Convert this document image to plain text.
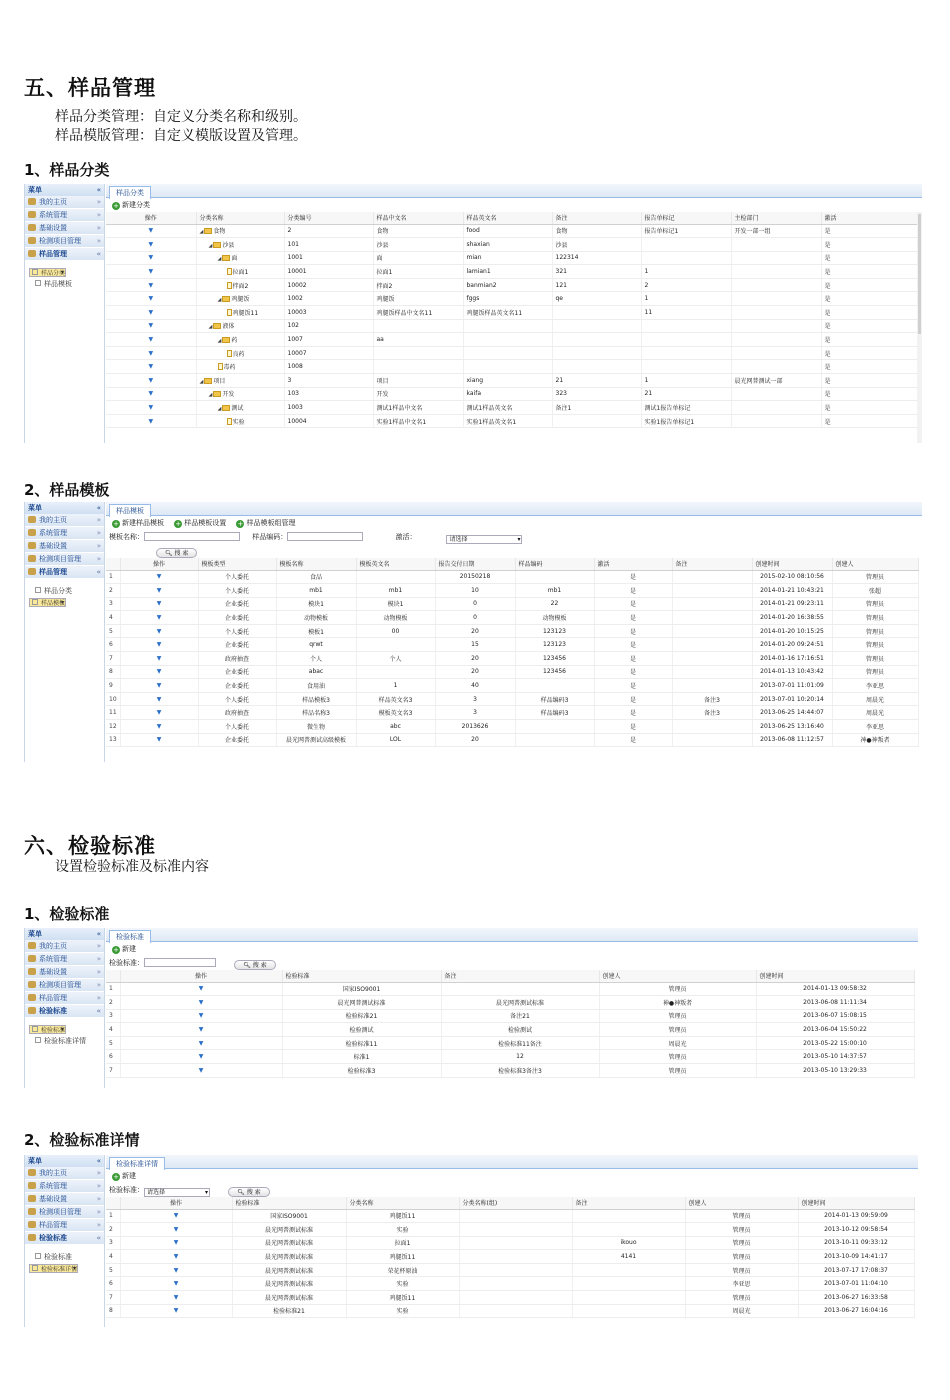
五、样品管理
样品分类管理：自定义分类名称和级别。
样品模版管理：自定义模版设置及管理。
1、样品分类
菜单	«
我的主页	»
系统管理	»
基础设置	»
检测项目管理 »
样品管理	«
样品分类 ▾
样品模板
样品分类
+ 新建分类
操作	分类名称	分类编号	样品中文名	样品英文名	备注	报告单标记	主检部门	激活
▼	◢ 食物	2	食物	food	食物	报告单标记1	开发一部一组	是
▼	◢ 沙县	101	沙县	shaxian	沙县			是
▼	◢ 面	1001	面	mian	122314			是
▼	拉面1	10001	拉面1	lamian1	321	1		是
▼	拌面2	10002	拌面2	banmian2	121	2		是
▼	◢ 鸡腿饭	1002	鸡腿饭	fggs	qe	1		是
▼	鸡腿饭11	10003	鸡腿饭样品中文名11	鸡腿饭样品英文名11		11		是
▼	◢ 液体	102						是
▼	◢ 药	1007	aa					是
▼	良药	10007						是
▼	毒药	1008						是
▼	◢ 项目	3	项目	xiang	21	1	晨光网普测试一部	是
▼	◢ 开发	103	开发	kaifa	323	21		是
▼	◢ 测试	1003	测试1样品中文名	测试1样品英文名	备注1	测试1报告单标记		是
▼	实验	10004	实验1样品中文名1	实验1样品英文名1		实验1报告单标记1		是
2、样品模板
菜单	«
我的主页	»
系统管理	»
基础设置	»
检测项目管理 »
样品管理	«
样品分类
样品模板 ▾
样品模板
+ 新建样品模板 + 样品模板设置 + 样品模板组管理
模板名称：	样品编码：	激活：	请选择 ▾
🔍︎ 搜 索
	操作	模板类型	模板名称	模板英文名	报告交付日期	样品编码	激活	备注	创建时间	创建人
1	▼	个人委托	食品		20150218		是		2015-02-10 08:10:56	管理员
2	▼	个人委托	mb1	mb1	10	mb1	是		2014-01-21 10:43:21	张超
3	▼	企业委托	模块1	模块1	0	22	是		2014-01-21 09:23:11	管理员
4	▼	企业委托	动物模板	动物模板	0	动物模板	是		2014-01-20 16:38:55	管理员
5	▼	个人委托	模板1	00	20	123123	是		2014-01-20 10:15:25	管理员
6	▼	企业委托	qrwt		15	123123	是		2014-01-20 09:24:51	管理员
7	▼	政府抽查	个人	个人	20	123456	是		2014-01-16 17:16:51	管理员
8	▼	企业委托	abac		20	123456	是		2014-01-13 10:43:42	管理员
9	▼	企业委托	食用油	1	40		是		2013-07-01 11:01:09	李亚思
10	▼	个人委托	样品模板3	样品英文名3	3	样品编码3	是	备注3	2013-07-01 10:20:14	周晨光
11	▼	政府抽查	样品名称3	模板英文名3	3	样品编码3	是	备注3	2013-06-25 14:44:07	周晨光
12	▼	个人委托	微生物	abc	2013626		是		2013-06-25 13:16:40	李亚思
13	▼	企业委托	晨光网普测试高级模板	LOL	20		是		2013-06-08 11:12:57	神●神叛者
六、检验标准
设置检验标准及标准内容
1、检验标准
菜单	«
我的主页	»
系统管理	»
基础设置	»
检测项目管理 »
样品管理	»
检验标准	«
检验标准 ▾
检验标准详情
检验标准
+ 新建
检验标准：	🔍︎ 搜 索
	操作	检验标准	备注	创建人	创建时间
1	▼	国家ISO9001		管理员	2014-01-13 09:58:32
2	▼	晨光网普测试标准	晨光网普测试标准	神●神叛者	2013-06-08 11:11:34
3	▼	检验标准21	备注21	管理员	2013-06-07 15:08:15
4	▼	检验测试	检验测试	管理员	2013-06-04 15:50:22
5	▼	检验标准11	检验标准11备注	周晨光	2013-05-22 15:00:10
6	▼	标准1	12	管理员	2013-05-10 14:37:57
7	▼	检验标准3	检验标准3备注3	管理员	2013-05-10 13:29:33
2、检验标准详情
菜单	«
我的主页	»
系统管理	»
基础设置	»
检测项目管理 »
样品管理	»
检验标准	«
检验标准
检验标准详情 ▾
检验标准详情
+ 新建
检验标准： 请选择 ▾	🔍︎ 搜 索
	操作	检验标准	分类名称	分类名称(组)	备注	创建人	创建时间
1	▼	国家ISO9001	鸡腿饭11			管理员	2014-01-13 09:59:09
2	▼	晨光网普测试标准	实验			管理员	2013-10-12 09:58:54
3	▼	晨光网普测试标准	拉面1		ikouo	管理员	2013-10-11 09:33:12
4	▼	晨光网普测试标准	鸡腿饭11		4141	管理员	2013-10-09 14:41:17
5	▼	晨光网普测试标准	荣花杯原油			管理员	2013-07-17 17:08:37
6	▼	晨光网普测试标准	实验			李亚思	2013-07-01 11:04:10
7	▼	晨光网普测试标准	鸡腿饭11			管理员	2013-06-27 16:33:58
8	▼	检验标准21	实验			周晨光	2013-06-27 16:04:16
